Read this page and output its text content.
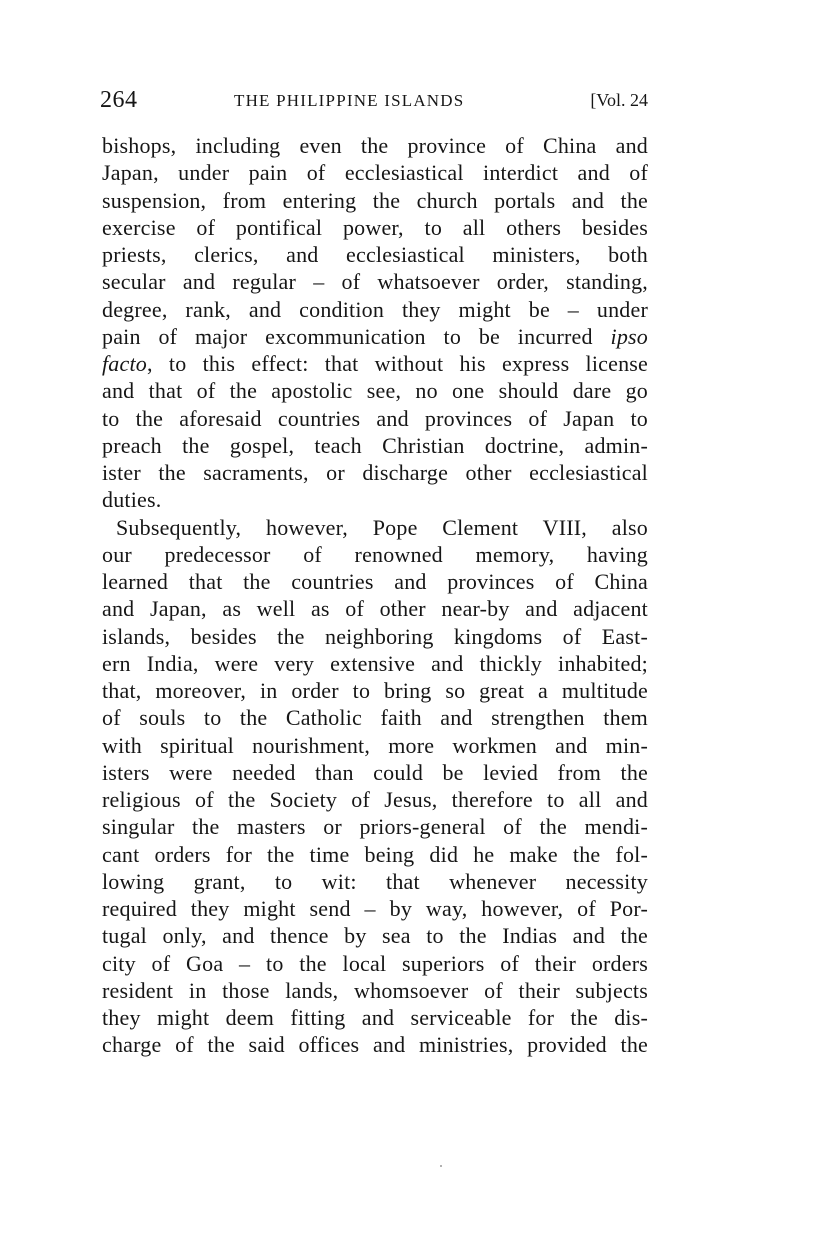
264	THE PHILIPPINE ISLANDS	[Vol. 24
bishops, including even the province of China and
Japan, under pain of ecclesiastical interdict and of
suspension, from entering the church portals and the
exercise of pontifical power, to all others besides
priests, clerics, and ecclesiastical ministers, both
secular and regular – of whatsoever order, standing,
degree, rank, and condition they might be – under
pain of major excommunication to be incurred ipso
facto, to this effect: that without his express license
and that of the apostolic see, no one should dare go
to the aforesaid countries and provinces of Japan to
preach the gospel, teach Christian doctrine, admin-
ister the sacraments, or discharge other ecclesiastical
duties.
Subsequently, however, Pope Clement VIII, also
our predecessor of renowned memory, having
learned that the countries and provinces of China
and Japan, as well as of other near-by and adjacent
islands, besides the neighboring kingdoms of East-
ern India, were very extensive and thickly inhabited;
that, moreover, in order to bring so great a multitude
of souls to the Catholic faith and strengthen them
with spiritual nourishment, more workmen and min-
isters were needed than could be levied from the
religious of the Society of Jesus, therefore to all and
singular the masters or priors-general of the mendi-
cant orders for the time being did he make the fol-
lowing grant, to wit: that whenever necessity
required they might send – by way, however, of Por-
tugal only, and thence by sea to the Indias and the
city of Goa – to the local superiors of their orders
resident in those lands, whomsoever of their subjects
they might deem fitting and serviceable for the dis-
charge of the said offices and ministries, provided the
